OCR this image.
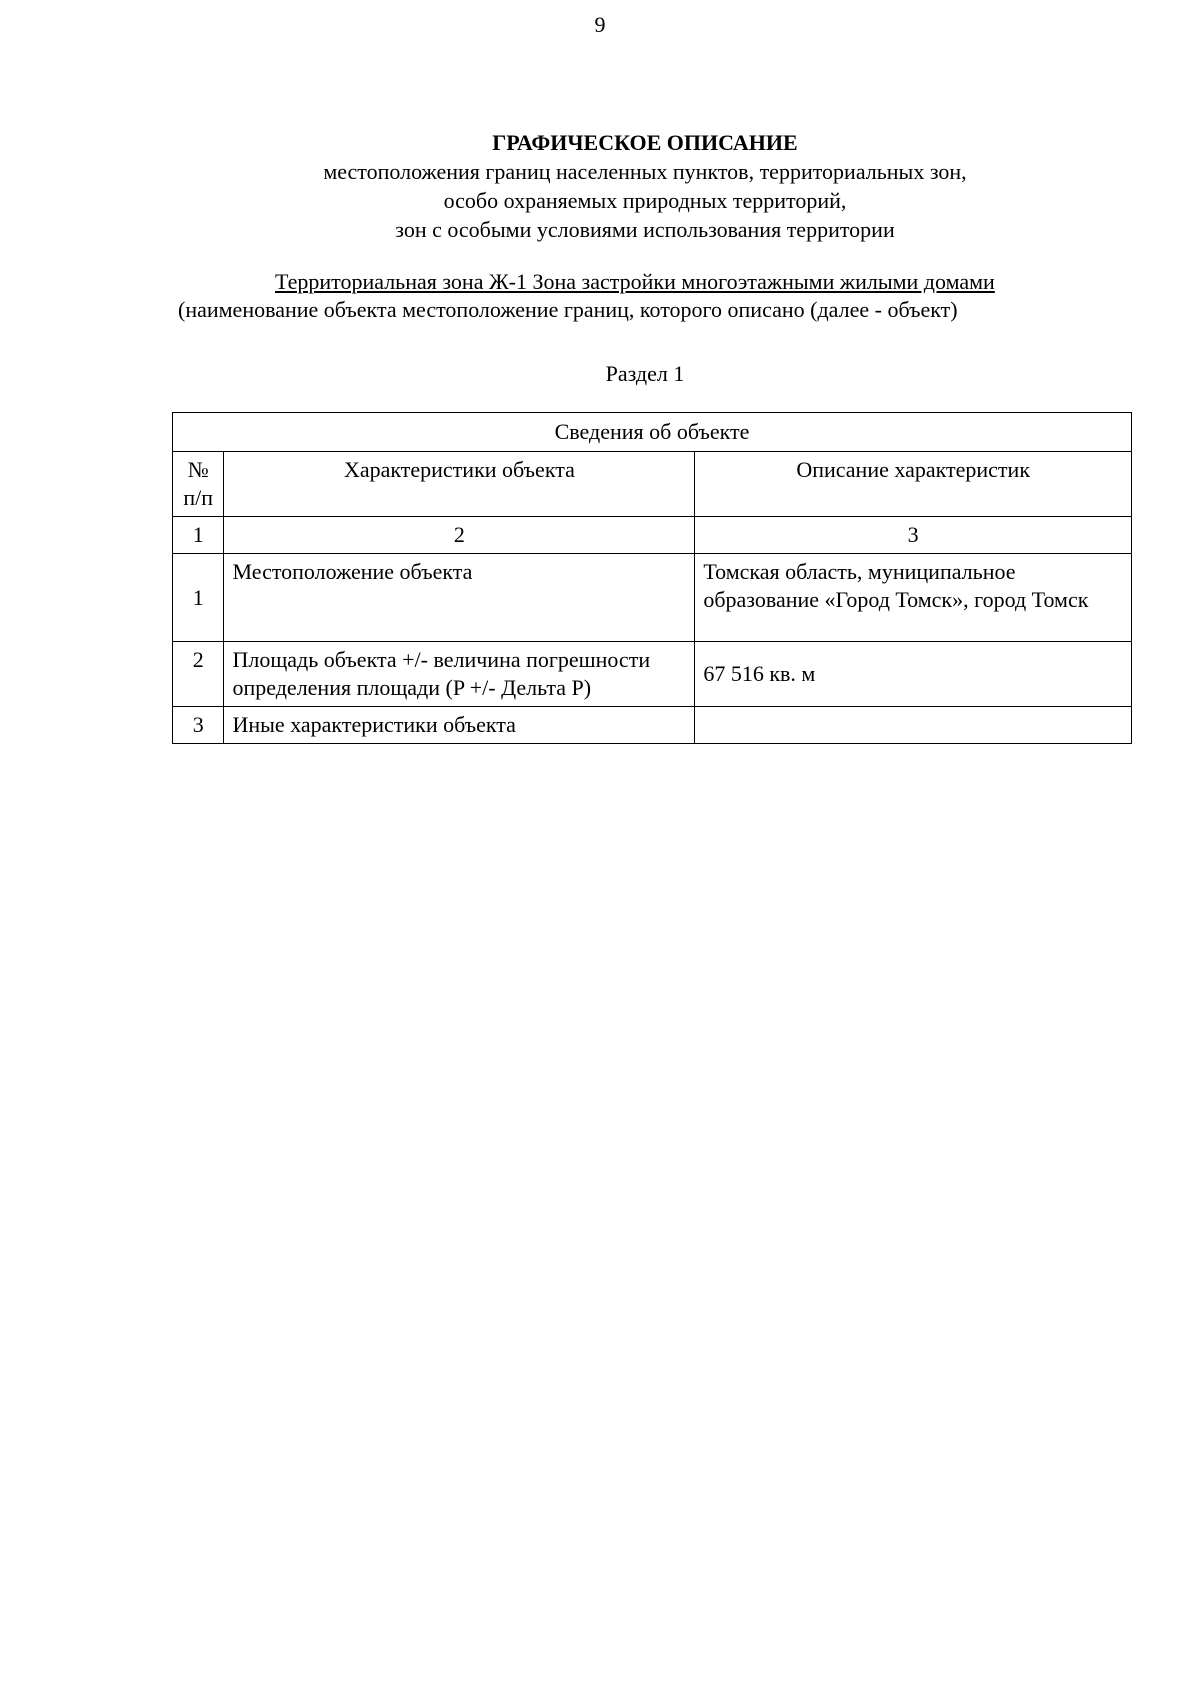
9
ГРАФИЧЕСКОЕ ОПИСАНИЕ
местоположения границ населенных пунктов, территориальных зон,
особо охраняемых природных территорий,
зон с особыми условиями использования территории
Территориальная зона Ж-1 Зона застройки многоэтажными жилыми домами
(наименование объекта местоположение границ, которого описано (далее - объект)
Раздел 1
Сведения об объекте		
№ п/п	Характеристики объекта	Описание характеристик
1	2	3
1	Местоположение объекта	Томская область, муниципальное образование «Город Томск», город Томск
2	Площадь объекта +/- величина погрешности определения площади (P +/- Дельта P)	67 516 кв. м
3	Иные характеристики объекта	
